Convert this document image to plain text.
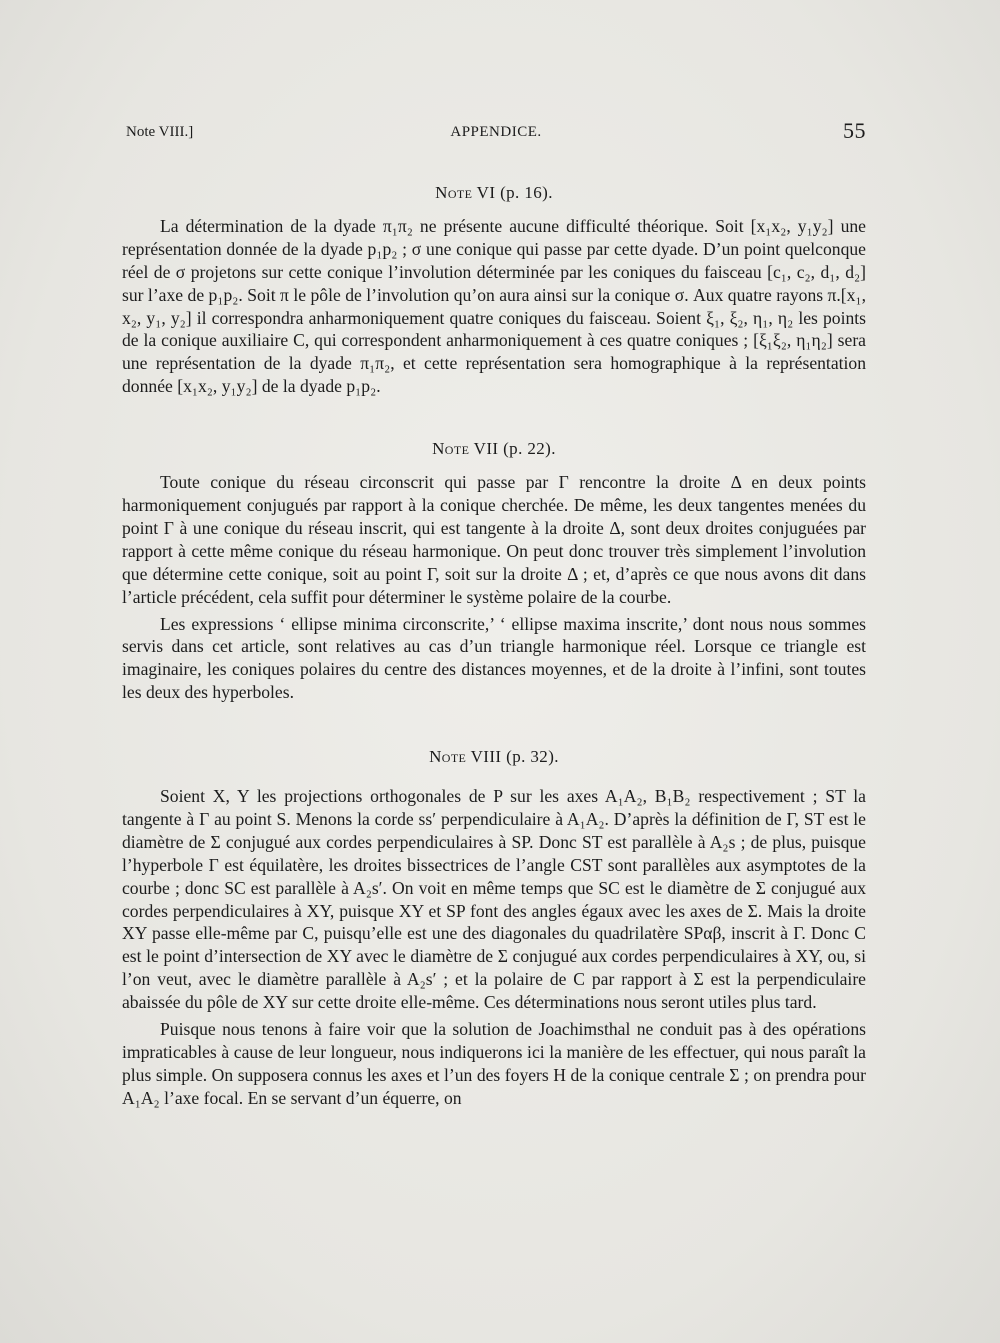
Note VIII.]	APPENDICE.	55
Note VI (p. 16).

La détermination de la dyade π₁π₂ ne présente aucune difficulté théorique. Soit [x₁x₂, y₁y₂] une représentation donnée de la dyade p₁p₂ ; σ une conique qui passe par cette dyade. D’un point quelconque réel de σ projetons sur cette conique l’involution déterminée par les coniques du faisceau [c₁, c₂, d₁, d₂] sur l’axe de p₁p₂. Soit π le pôle de l’involution qu’on aura ainsi sur la conique σ. Aux quatre rayons π.[x₁, x₂, y₁, y₂] il correspondra anharmoniquement quatre coniques du faisceau. Soient ξ₁, ξ₂, η₁, η₂ les points de la conique auxiliaire C, qui correspondent anharmoniquement à ces quatre coniques ; [ξ₁ξ₂, η₁η₂] sera une représentation de la dyade π₁π₂, et cette représentation sera homographique à la représentation donnée [x₁x₂, y₁y₂] de la dyade p₁p₂.

Note VII (p. 22).

Toute conique du réseau circonscrit qui passe par Γ rencontre la droite Δ en deux points harmoniquement conjugués par rapport à la conique cherchée. De même, les deux tangentes menées du point Γ à une conique du réseau inscrit, qui est tangente à la droite Δ, sont deux droites conjuguées par rapport à cette même conique du réseau harmonique. On peut donc trouver très simplement l’involution que détermine cette conique, soit au point Γ, soit sur la droite Δ ; et, d’après ce que nous avons dit dans l’article précédent, cela suffit pour déterminer le système polaire de la courbe.

Les expressions ‘ ellipse minima circonscrite,’ ‘ ellipse maxima inscrite,’ dont nous nous sommes servis dans cet article, sont relatives au cas d’un triangle harmonique réel. Lorsque ce triangle est imaginaire, les coniques polaires du centre des distances moyennes, et de la droite à l’infini, sont toutes les deux des hyperboles.

Note VIII (p. 32).

Soient X, Y les projections orthogonales de P sur les axes A₁A₂, B₁B₂ respectivement ; ST la tangente à Γ au point S. Menons la corde ss′ perpendiculaire à A₁A₂. D’après la définition de Γ, ST est le diamètre de Σ conjugué aux cordes perpendiculaires à SP. Donc ST est parallèle à A₂s ; de plus, puisque l’hyperbole Γ est équilatère, les droites bissectrices de l’angle CST sont parallèles aux asymptotes de la courbe ; donc SC est parallèle à A₂s′. On voit en même temps que SC est le diamètre de Σ conjugué aux cordes perpendiculaires à XY, puisque XY et SP font des angles égaux avec les axes de Σ. Mais la droite XY passe elle-même par C, puisqu’elle est une des diagonales du quadrilatère SPαβ, inscrit à Γ. Donc C est le point d’intersection de XY avec le diamètre de Σ conjugué aux cordes perpendiculaires à XY, ou, si l’on veut, avec le diamètre parallèle à A₂s′ ; et la polaire de C par rapport à Σ est la perpendiculaire abaissée du pôle de XY sur cette droite elle-même. Ces déterminations nous seront utiles plus tard.

Puisque nous tenons à faire voir que la solution de Joachimsthal ne conduit pas à des opérations impraticables à cause de leur longueur, nous indiquerons ici la manière de les effectuer, qui nous paraît la plus simple. On supposera connus les axes et l’un des foyers H de la conique centrale Σ ; on prendra pour A₁A₂ l’axe focal. En se servant d’un équerre, on
